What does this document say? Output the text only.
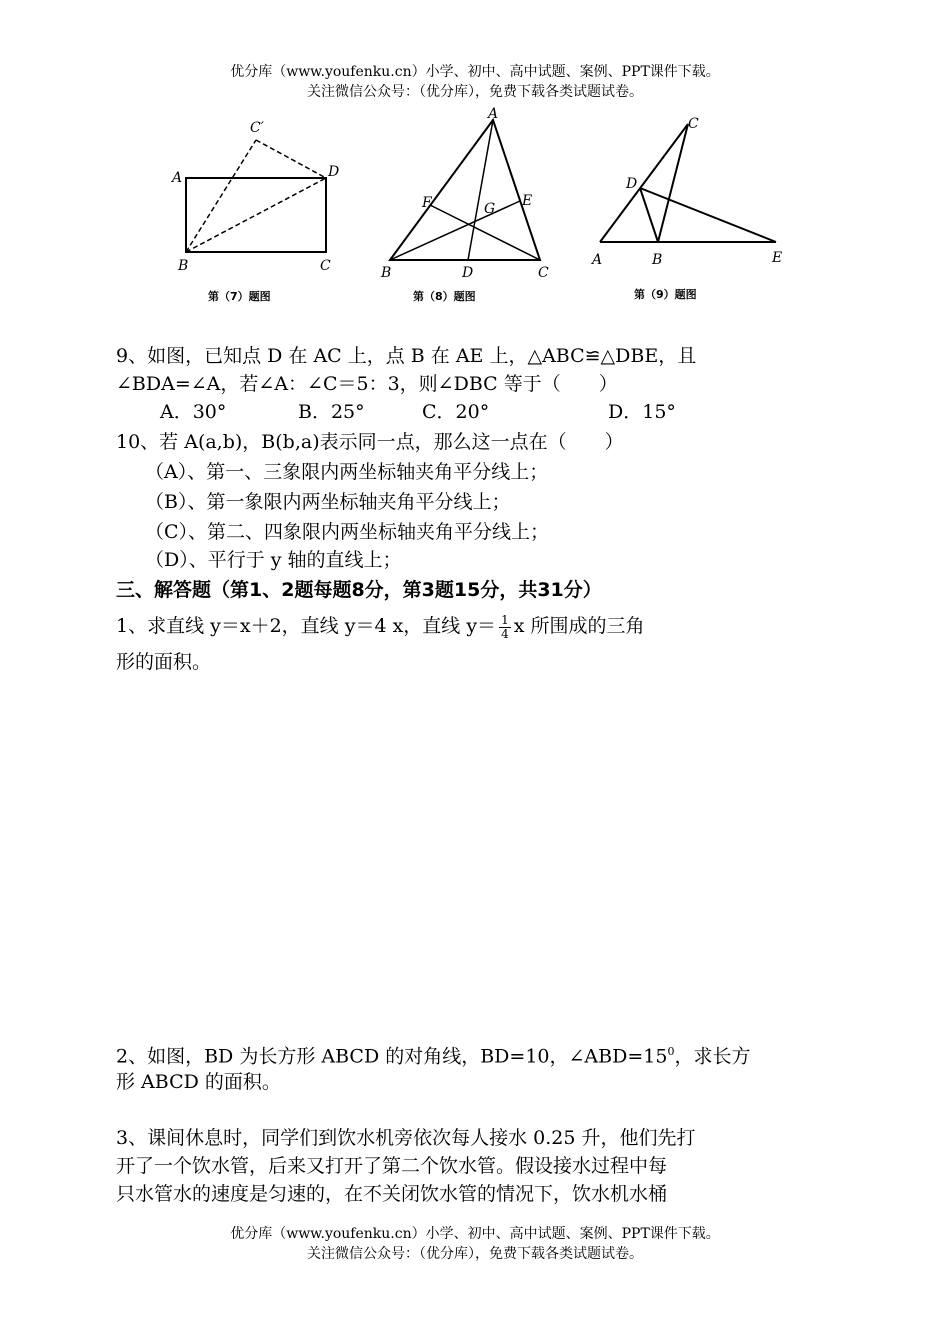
优分库（www.youfenku.cn）小学、初中、高中试题、案例、PPT课件下载。
关注微信公众号：（优分库），免费下载各类试题试卷。
A
B	C
D
C′
第（7）题图
A
B	C
D
E
F	G
第（8）题图
A	B
C
D
E
第（9）题图
9、如图，已知点 D 在 AC 上，点 B 在 AE 上，△ABC≌△DBE，且
∠BDA=∠A，若∠A：∠C＝5：3，则∠DBC 等于（　　）
A．30°	B．25°	C．20°	D．15°
10、若 A(a,b)，B(b,a)表示同一点，那么这一点在（　　）
（A）、第一、三象限内两坐标轴夹角平分线上；
（B）、第一象限内两坐标轴夹角平分线上；
（C）、第二、四象限内两坐标轴夹角平分线上；
（D）、平行于 y 轴的直线上；
三、解答题（第1、2题每题8分，第3题15分，共31分）
1、求直线 y＝x＋2，直线 y＝4 x，直线 $y= \frac{1}{4}$ x 所围成的三角
形的面积。
2、如图，BD 为长方形 ABCD 的对角线，BD=10，$\angle ABD=15^0$，求长方
形 ABCD 的面积。
3、课间休息时，同学们到饮水机旁依次每人接水 0.25 升，他们先打
开了一个饮水管，后来又打开了第二个饮水管。假设接水过程中每
只水管水的速度是匀速的，在不关闭饮水管的情况下，饮水机水桶
优分库（www.youfenku.cn）小学、初中、高中试题、案例、PPT课件下载。
关注微信公众号：（优分库），免费下载各类试题试卷。
